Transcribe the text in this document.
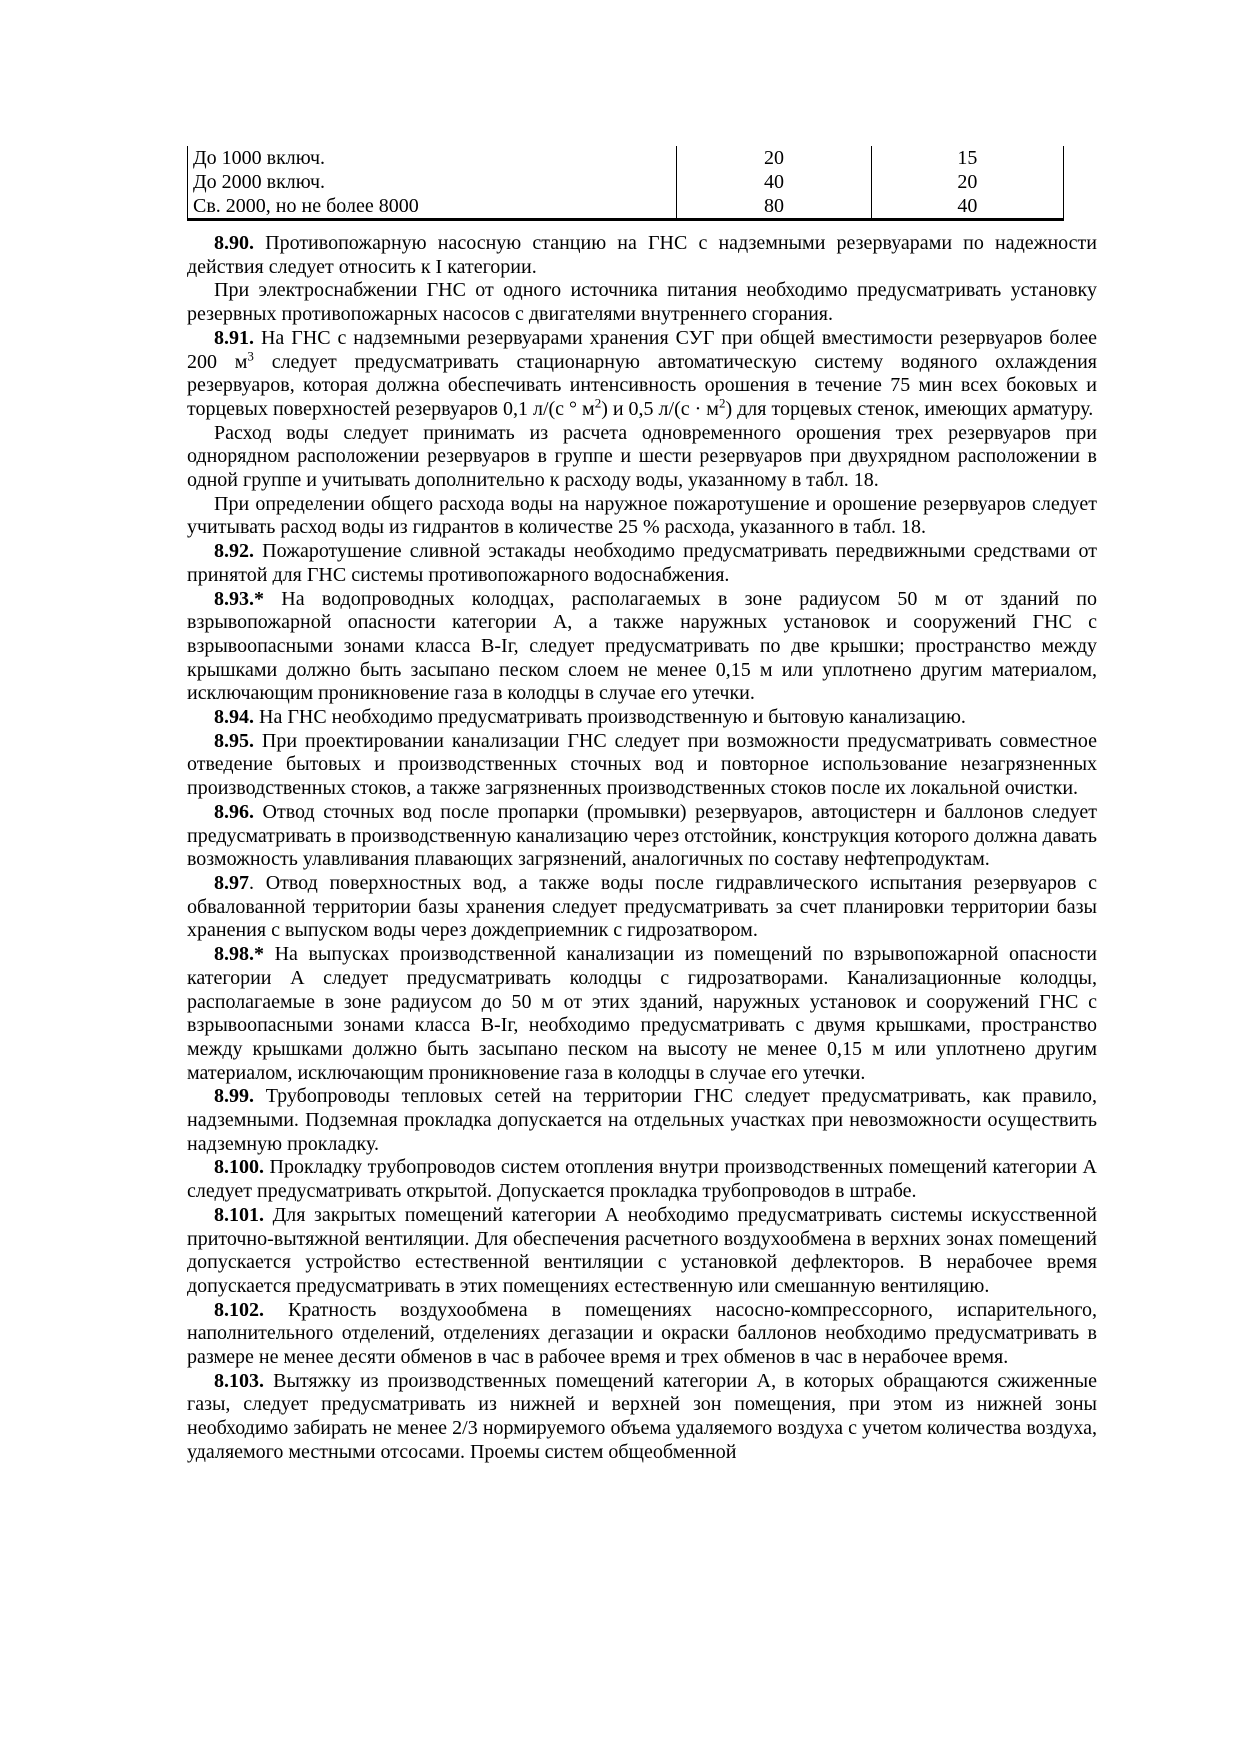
До 1000 включ.	20	15
До 2000 включ.	40	20
Св. 2000, но не более 8000	80	40

8.90. Противопожарную насосную станцию на ГНС с надземными резервуарами по надежности действия следует относить к I категории.

При электроснабжении ГНС от одного источника питания необходимо предусматривать установку резервных противопожарных насосов с двигателями внутреннего сгорания.

8.91. На ГНС с надземными резервуарами хранения СУГ при общей вместимости резервуаров более 200 $м^3$ следует предусматривать стационарную автоматическую систему водяного охлаждения резервуаров, которая должна обеспечивать интенсивность орошения в течение 75 мин всех боковых и торцевых поверхностей резервуаров 0,1 л/(с ° $м^2$) и 0,5 $л/(с \cdot м^2)$ для торцевых стенок, имеющих арматуру.

Расход воды следует принимать из расчета одновременного орошения трех резервуаров при однорядном расположении резервуаров в группе и шести резервуаров при двухрядном расположении в одной группе и учитывать дополнительно к расходу воды, указанному в табл. 18.

При определении общего расхода воды на наружное пожаротушение и орошение резервуаров следует учитывать расход воды из гидрантов в количестве 25 % расхода, указанного в табл. 18.

8.92. Пожаротушение сливной эстакады необходимо предусматривать передвижными средствами от принятой для ГНС системы противопожарного водоснабжения.

8.93.* На водопроводных колодцах, располагаемых в зоне радиусом 50 м от зданий по взрывопожарной опасности категории А, а также наружных установок и сооружений ГНС с взрывоопасными зонами класса В-Iг, следует предусматривать по две крышки; пространство между крышками должно быть засыпано песком слоем не менее 0,15 м или уплотнено другим материалом, исключающим проникновение газа в колодцы в случае его утечки.

8.94. На ГНС необходимо предусматривать производственную и бытовую канализацию.

8.95. При проектировании канализации ГНС следует при возможности предусматривать совместное отведение бытовых и производственных сточных вод и повторное использование незагрязненных производственных стоков, а также загрязненных производственных стоков после их локальной очистки.

8.96. Отвод сточных вод после пропарки (промывки) резервуаров, автоцистерн и баллонов следует предусматривать в производственную канализацию через отстойник, конструкция которого должна давать возможность улавливания плавающих загрязнений, аналогичных по составу нефтепродуктам.

8.97. Отвод поверхностных вод, а также воды после гидравлического испытания резервуаров с обвалованной территории базы хранения следует предусматривать за счет планировки территории базы хранения с выпуском воды через дождеприемник с гидрозатвором.

8.98.* На выпусках производственной канализации из помещений по взрывопожарной опасности категории А следует предусматривать колодцы с гидрозатворами. Канализационные колодцы, располагаемые в зоне радиусом до 50 м от этих зданий, наружных установок и сооружений ГНС с взрывоопасными зонами класса В-Iг, необходимо предусматривать с двумя крышками, пространство между крышками должно быть засыпано песком на высоту не менее 0,15 м или уплотнено другим материалом, исключающим проникновение газа в колодцы в случае его утечки.

8.99. Трубопроводы тепловых сетей на территории ГНС следует предусматривать, как правило, надземными. Подземная прокладка допускается на отдельных участках при невозможности осуществить надземную прокладку.

8.100. Прокладку трубопроводов систем отопления внутри производственных помещений категории А следует предусматривать открытой. Допускается прокладка трубопроводов в штрабе.

8.101. Для закрытых помещений категории А необходимо предусматривать системы искусственной приточно-вытяжной вентиляции. Для обеспечения расчетного воздухообмена в верхних зонах помещений допускается устройство естественной вентиляции с установкой дефлекторов. В нерабочее время допускается предусматривать в этих помещениях естественную или смешанную вентиляцию.

8.102. Кратность воздухообмена в помещениях насосно-компрессорного, испарительного, наполнительного отделений, отделениях дегазации и окраски баллонов необходимо предусматривать в размере не менее десяти обменов в час в рабочее время и трех обменов в час в нерабочее время.

8.103. Вытяжку из производственных помещений категории А, в которых обращаются сжиженные газы, следует предусматривать из нижней и верхней зон помещения, при этом из нижней зоны необходимо забирать не менее 2/3 нормируемого объема удаляемого воздуха с учетом количества воздуха, удаляемого местными отсосами. Проемы систем общеобменной
